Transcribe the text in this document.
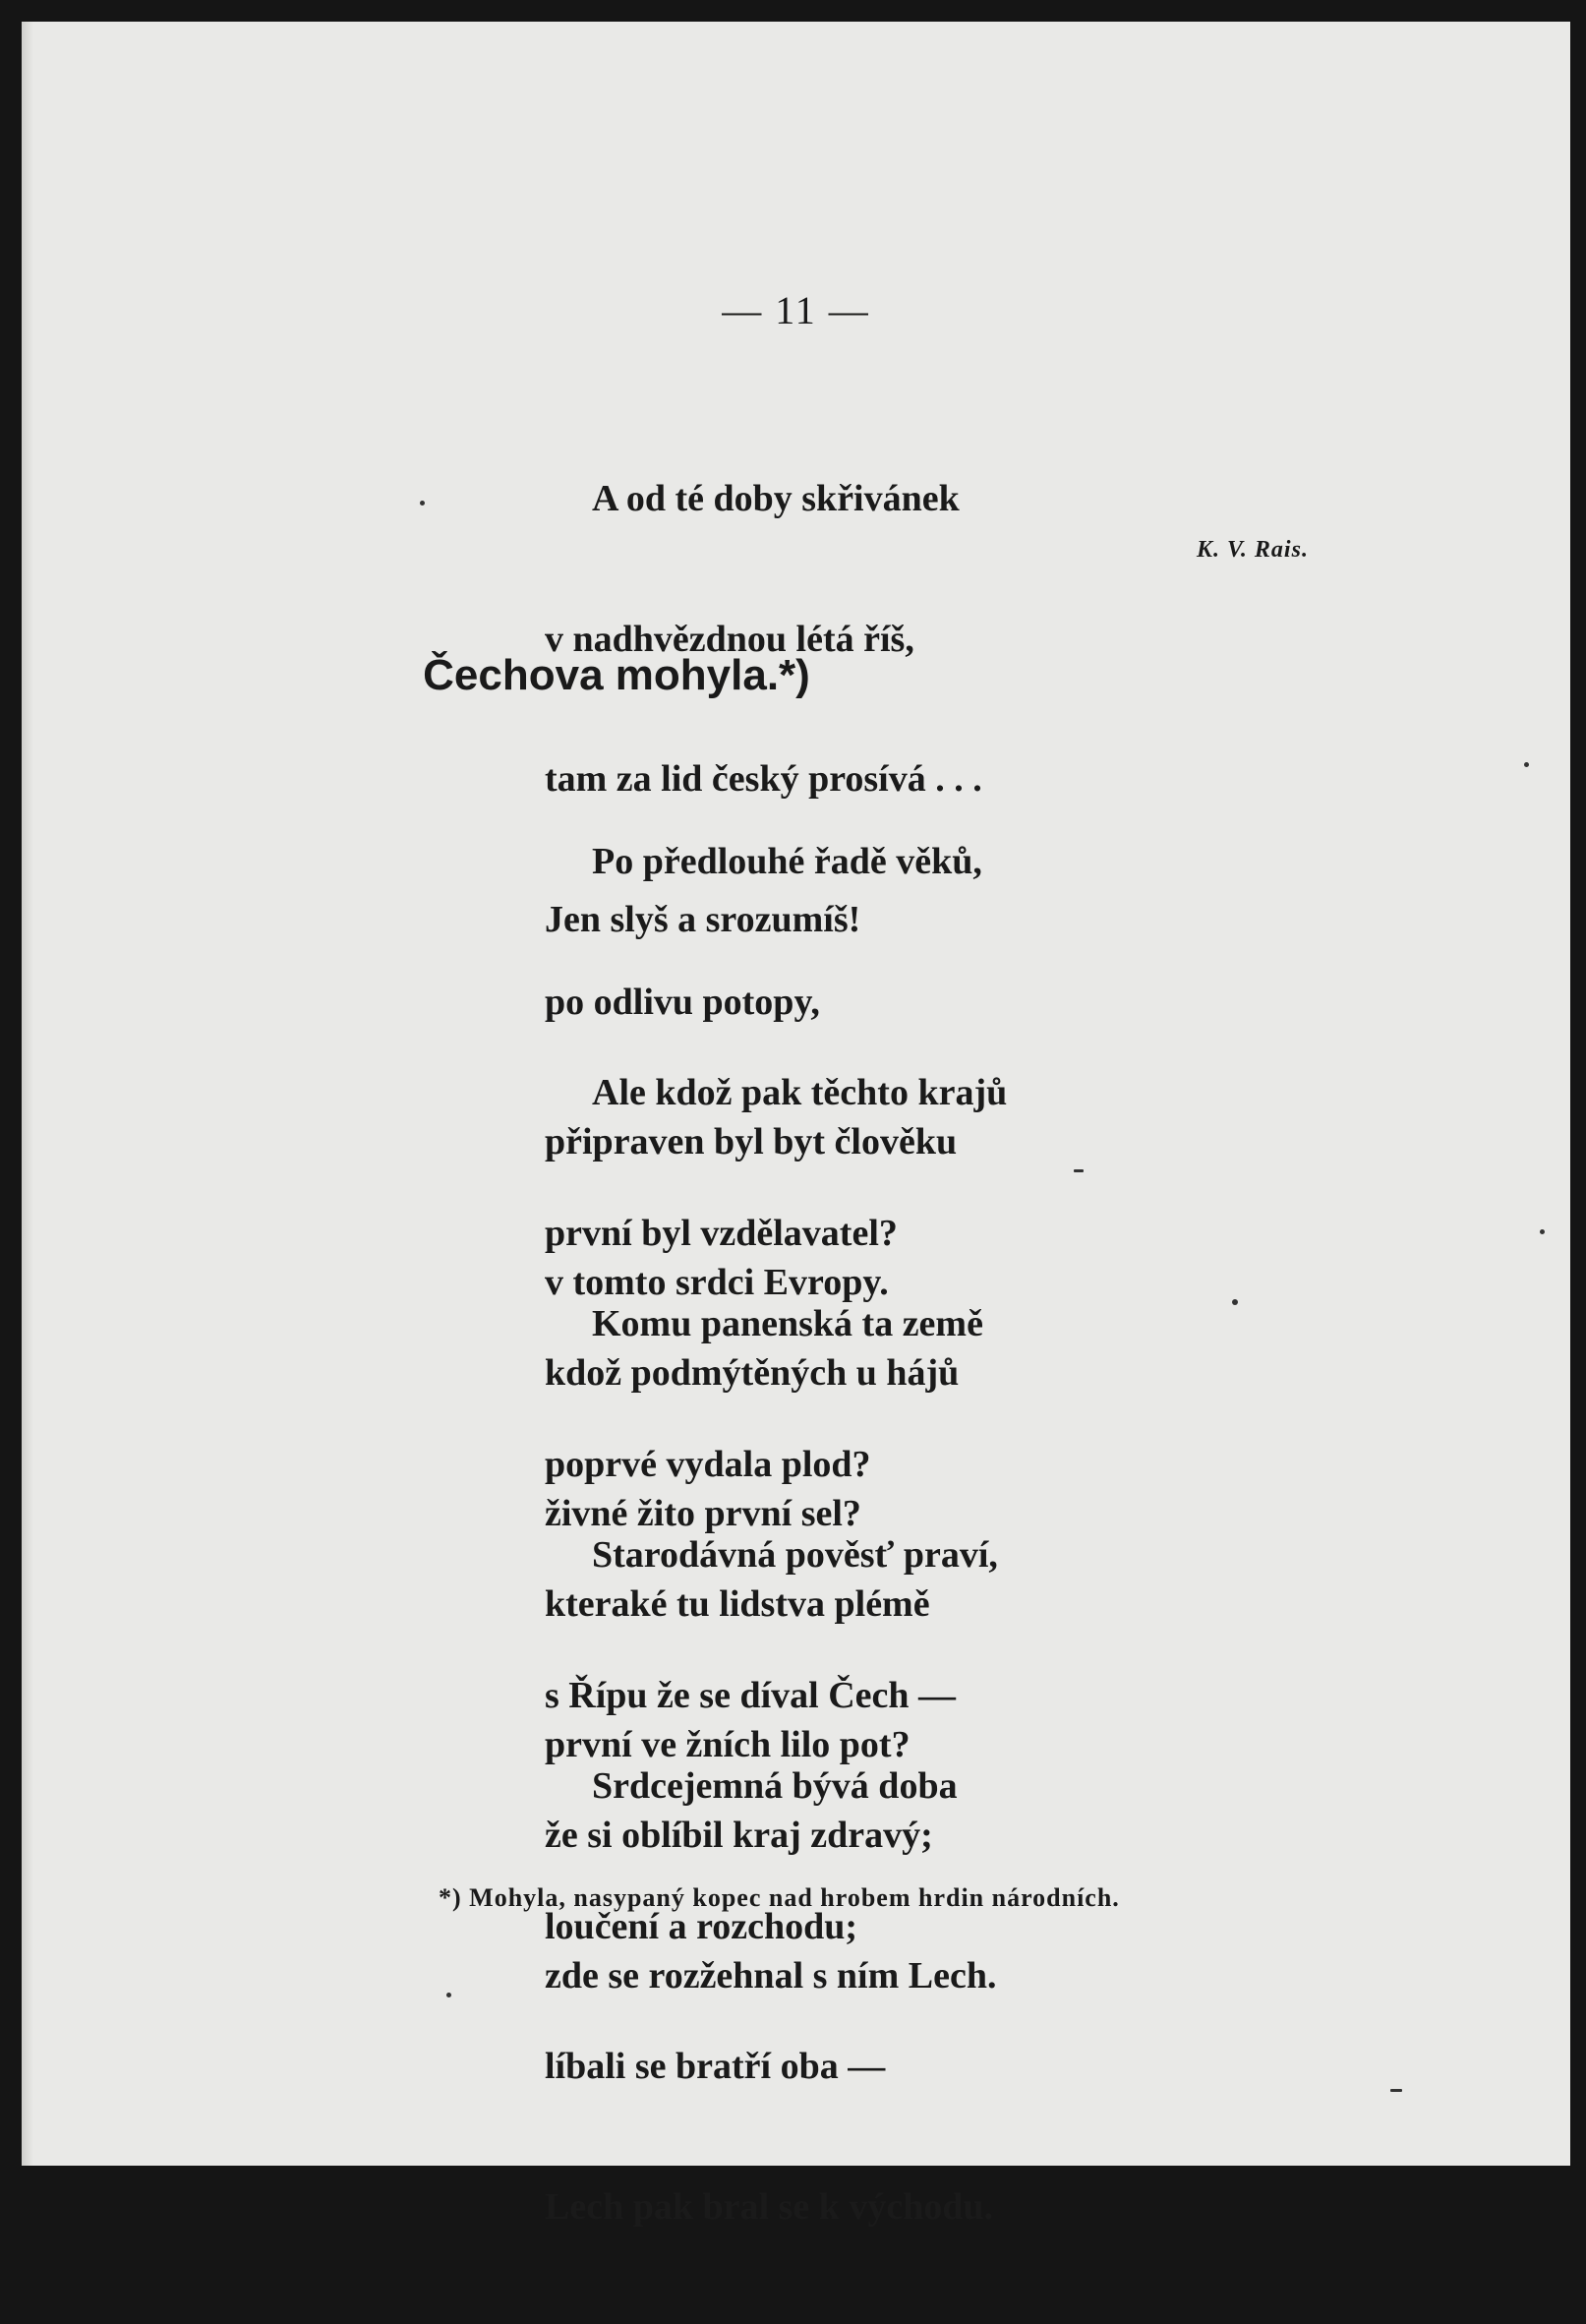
— 11 —

A od té doby skřivánek

v nadhvězdnou létá říš,

tam za lid český prosívá . . .

Jen slyš a srozumíš!

K. V. Rais.
Čechova mohyla.*)

Po předlouhé řadě věků,

po odlivu potopy,

připraven byl byt člověku

v tomto srdci Evropy.

Ale kdož pak těchto krajů

první byl vzdělavatel?

kdož podmýtěných u hájů

živné žito první sel?

Komu panenská ta země

poprvé vydala plod?

kteraké tu lidstva plémě

první ve žních lilo pot?

Starodávná pověsť praví,

s Řípu že se díval Čech —

že si oblíbil kraj zdravý;

zde se rozžehnal s ním Lech.

Srdcejemná bývá doba

loučení a rozchodu;

líbali se bratří oba —

Lech pak bral se k východu.

*) Mohyla, nasypaný kopec nad hrobem hrdin národních.
